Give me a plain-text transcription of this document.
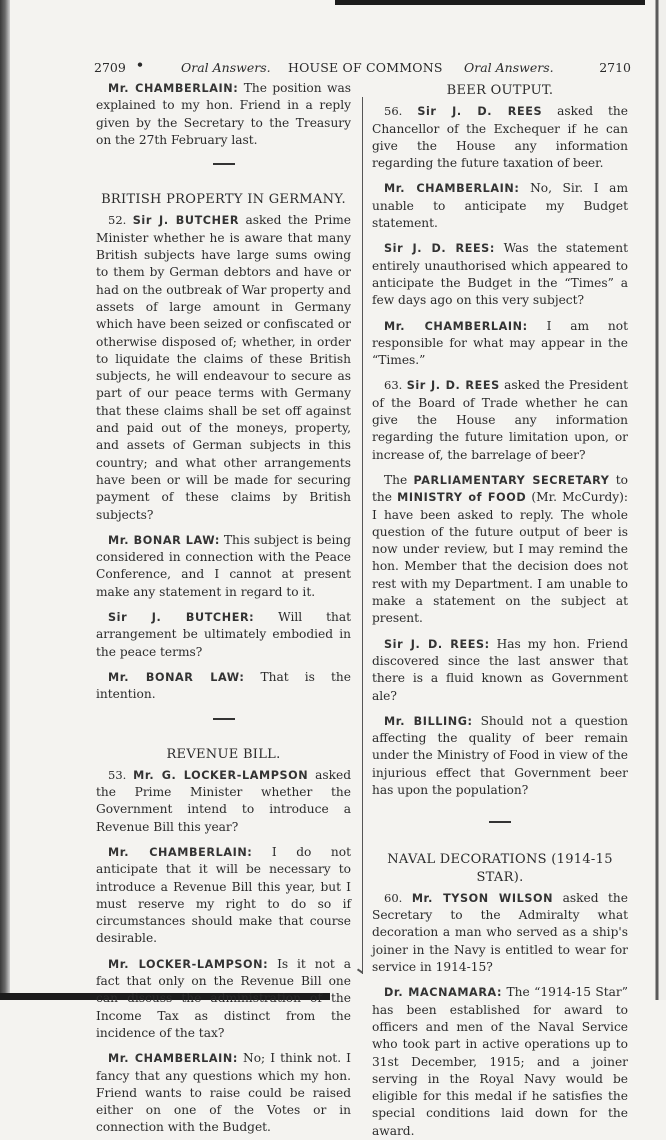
2709 •	Oral Answers. HOUSE OF COMMONS Oral Answers.	2710

Mr. CHAMBERLAIN: The position was explained to my hon. Friend in a reply given by the Secretary to the Treasury on the 27th February last.

BRITISH PROPERTY IN GERMANY.

52. Sir J. BUTCHER asked the Prime Minister whether he is aware that many British subjects have large sums owing to them by German debtors and have or had on the outbreak of War property and assets of large amount in Germany which have been seized or confiscated or otherwise disposed of; whether, in order to liquidate the claims of these British subjects, he will endeavour to secure as part of our peace terms with Germany that these claims shall be set off against and paid out of the moneys, property, and assets of German subjects in this country; and what other arrangements have been or will be made for securing payment of these claims by British subjects?

Mr. BONAR LAW: This subject is being considered in connection with the Peace Conference, and I cannot at present make any statement in regard to it.

Sir J. BUTCHER: Will that arrangement be ultimately embodied in the peace terms?

Mr. BONAR LAW: That is the intention.

REVENUE BILL.

53. Mr. G. LOCKER-LAMPSON asked the Prime Minister whether the Government intend to introduce a Revenue Bill this year?

Mr. CHAMBERLAIN: I do not anticipate that it will be necessary to introduce a Revenue Bill this year, but I must reserve my right to do so if circumstances should make that course desirable.

Mr. LOCKER-LAMPSON: Is it not a fact that only on the Revenue Bill one can discuss the administration of the Income Tax as distinct from the incidence of the tax?

Mr. CHAMBERLAIN: No; I think not. I fancy that any questions which my hon. Friend wants to raise could be raised either on one of the Votes or in connection with the Budget.

BEER OUTPUT.

56. Sir J. D. REES asked the Chancellor of the Exchequer if he can give the House any information regarding the future taxation of beer.

Mr. CHAMBERLAIN: No, Sir. I am unable to anticipate my Budget statement.

Sir J. D. REES: Was the statement entirely unauthorised which appeared to anticipate the Budget in the “Times” a few days ago on this very subject?

Mr. CHAMBERLAIN: I am not responsible for what may appear in the “Times.”

63. Sir J. D. REES asked the President of the Board of Trade whether he can give the House any information regarding the future limitation upon, or increase of, the barrelage of beer?

The PARLIAMENTARY SECRETARY to the MINISTRY of FOOD (Mr. McCurdy): I have been asked to reply. The whole question of the future output of beer is now under review, but I may remind the hon. Member that the decision does not rest with my Department. I am unable to make a statement on the subject at present.

Sir J. D. REES: Has my hon. Friend discovered since the last answer that there is a fluid known as Government ale?

Mr. BILLING: Should not a question affecting the quality of beer remain under the Ministry of Food in view of the injurious effect that Government beer has upon the population?

NAVAL DECORATIONS (1914-15 STAR).

60. Mr. TYSON WILSON asked the Secretary to the Admiralty what decoration a man who served as a ship's joiner in the Navy is entitled to wear for service in 1914-15?

Dr. MACNAMARA: The “1914-15 Star” has been established for award to officers and men of the Naval Service who took part in active operations up to 31st December, 1915; and a joiner serving in the Royal Navy would be eligible for this medal if he satisfies the special conditions laid down for the award.
